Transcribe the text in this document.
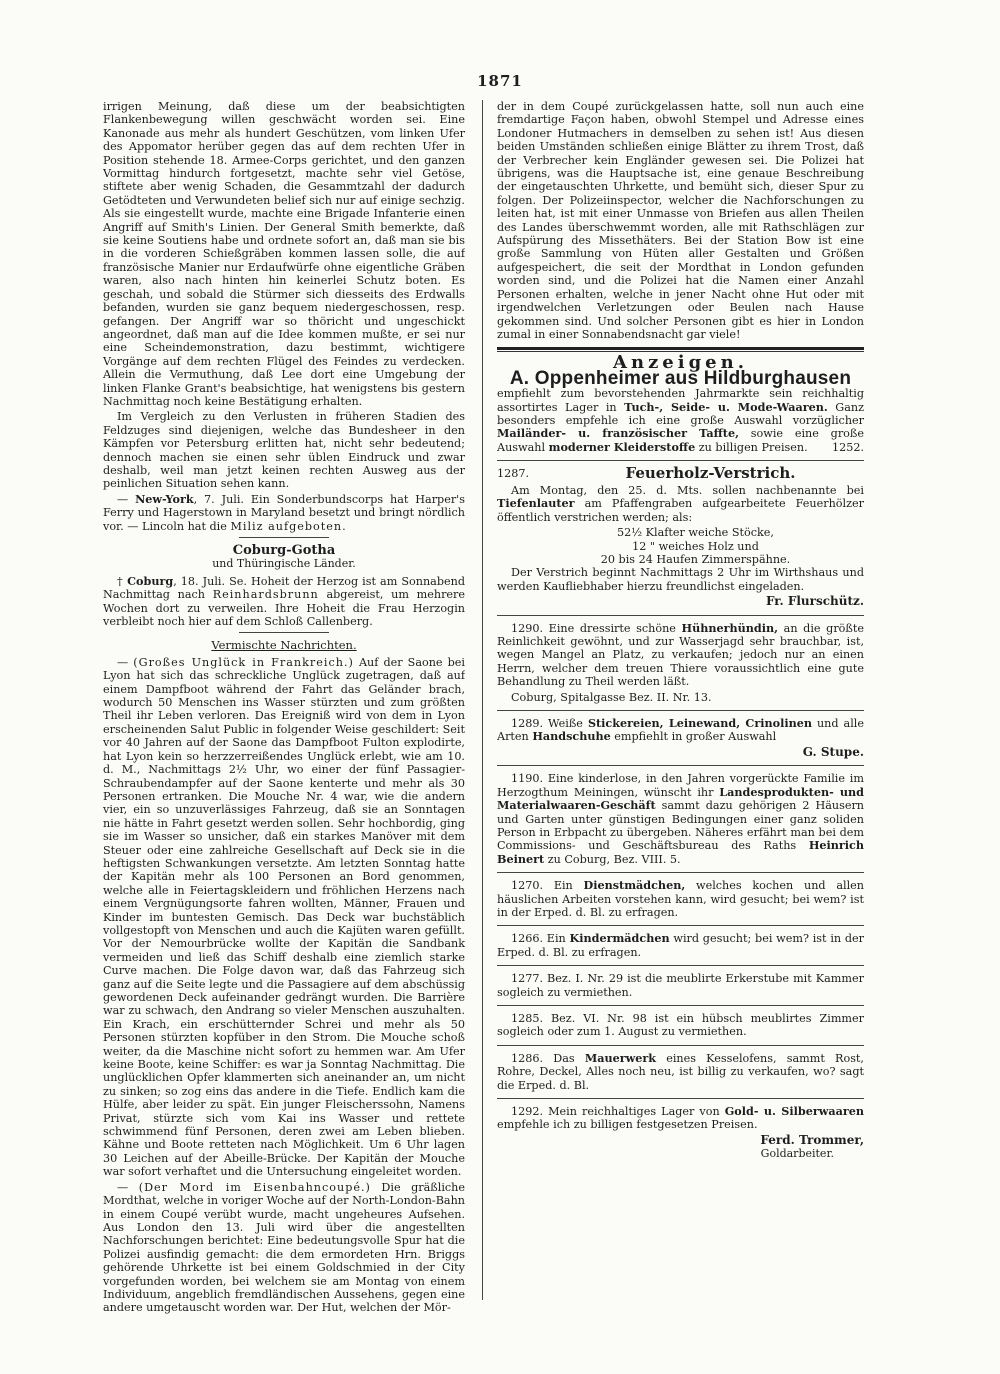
1871

irrigen Meinung, daß diese um der beabsichtigten Flankenbewegung willen geschwächt worden sei. Eine Kanonade aus mehr als hundert Geschützen, vom linken Ufer des Appomator herüber gegen das auf dem rechten Ufer in Position stehende 18. Armee-Corps gerichtet, und den ganzen Vormittag hindurch fortgesetzt, machte sehr viel Getöse, stiftete aber wenig Schaden, die Gesammtzahl der dadurch Getödteten und Verwundeten belief sich nur auf einige sechzig. Als sie eingestellt wurde, machte eine Brigade Infanterie einen Angriff auf Smith's Linien. Der General Smith bemerkte, daß sie keine Soutiens habe und ordnete sofort an, daß man sie bis in die vorderen Schießgräben kommen lassen solle, die auf französische Manier nur Erdaufwürfe ohne eigentliche Gräben waren, also nach hinten hin keinerlei Schutz boten. Es geschah, und sobald die Stürmer sich diesseits des Erdwalls befanden, wurden sie ganz bequem niedergeschossen, resp. gefangen. Der Angriff war so thöricht und ungeschickt angeordnet, daß man auf die Idee kommen mußte, er sei nur eine Scheindemonstration, dazu bestimmt, wichtigere Vorgänge auf dem rechten Flügel des Feindes zu verdecken. Allein die Vermuthung, daß Lee dort eine Umgebung der linken Flanke Grant's beabsichtige, hat wenigstens bis gestern Nachmittag noch keine Bestätigung erhalten.

Im Vergleich zu den Verlusten in früheren Stadien des Feldzuges sind diejenigen, welche das Bundesheer in den Kämpfen vor Petersburg erlitten hat, nicht sehr bedeutend; dennoch machen sie einen sehr üblen Eindruck und zwar deshalb, weil man jetzt keinen rechten Ausweg aus der peinlichen Situation sehen kann.

— New-York, 7. Juli. Ein Sonderbundscorps hat Harper's Ferry und Hagerstown in Maryland besetzt und bringt nördlich vor. — Lincoln hat die Miliz aufgeboten.

Coburg-Gotha
und Thüringische Länder.

† Coburg, 18. Juli. Se. Hoheit der Herzog ist am Sonnabend Nachmittag nach Reinhardsbrunn abgereist, um mehrere Wochen dort zu verweilen. Ihre Hoheit die Frau Herzogin verbleibt noch hier auf dem Schloß Callenberg.

Vermischte Nachrichten.

— (Großes Unglück in Frankreich.) Auf der Saone bei Lyon hat sich das schreckliche Unglück zugetragen, daß auf einem Dampfboot während der Fahrt das Geländer brach, wodurch 50 Menschen ins Wasser stürzten und zum größten Theil ihr Leben verloren. Das Ereigniß wird von dem in Lyon erscheinenden Salut Public in folgender Weise geschildert: Seit vor 40 Jahren auf der Saone das Dampfboot Fulton explodirte, hat Lyon kein so herzzerreißendes Unglück erlebt, wie am 10. d. M., Nachmittags 2½ Uhr, wo einer der fünf Passagier-Schraubendampfer auf der Saone kenterte und mehr als 30 Personen ertranken. Die Mouche Nr. 4 war, wie die andern vier, ein so unzuverlässiges Fahrzeug, daß sie an Sonntagen nie hätte in Fahrt gesetzt werden sollen. Sehr hochbordig, ging sie im Wasser so unsicher, daß ein starkes Manöver mit dem Steuer oder eine zahlreiche Gesellschaft auf Deck sie in die heftigsten Schwankungen versetzte. Am letzten Sonntag hatte der Kapitän mehr als 100 Personen an Bord genommen, welche alle in Feiertagskleidern und fröhlichen Herzens nach einem Vergnügungsorte fahren wollten, Männer, Frauen und Kinder im buntesten Gemisch. Das Deck war buchstäblich vollgestopft von Menschen und auch die Kajüten waren gefüllt. Vor der Nemourbrücke wollte der Kapitän die Sandbank vermeiden und ließ das Schiff deshalb eine ziemlich starke Curve machen. Die Folge davon war, daß das Fahrzeug sich ganz auf die Seite legte und die Passagiere auf dem abschüssig gewordenen Deck aufeinander gedrängt wurden. Die Barrière war zu schwach, den Andrang so vieler Menschen auszuhalten. Ein Krach, ein erschütternder Schrei und mehr als 50 Personen stürzten kopfüber in den Strom. Die Mouche schoß weiter, da die Maschine nicht sofort zu hemmen war. Am Ufer keine Boote, keine Schiffer: es war ja Sonntag Nachmittag. Die unglücklichen Opfer klammerten sich aneinander an, um nicht zu sinken; so zog eins das andere in die Tiefe. Endlich kam die Hülfe, aber leider zu spät. Ein junger Fleischerssohn, Namens Privat, stürzte sich vom Kai ins Wasser und rettete schwimmend fünf Personen, deren zwei am Leben blieben. Kähne und Boote retteten nach Möglichkeit. Um 6 Uhr lagen 30 Leichen auf der Abeille-Brücke. Der Kapitän der Mouche war sofort verhaftet und die Untersuchung eingeleitet worden.

— (Der Mord im Eisenbahncoupé.) Die gräßliche Mordthat, welche in voriger Woche auf der North-London-Bahn in einem Coupé verübt wurde, macht ungeheures Aufsehen. Aus London den 13. Juli wird über die angestellten Nachforschungen berichtet: Eine bedeutungsvolle Spur hat die Polizei ausfindig gemacht: die dem ermordeten Hrn. Briggs gehörende Uhrkette ist bei einem Goldschmied in der City vorgefunden worden, bei welchem sie am Montag von einem Individuum, angeblich fremdländischen Aussehens, gegen eine andere umgetauscht worden war. Der Hut, welchen der Mör-

der in dem Coupé zurückgelassen hatte, soll nun auch eine fremdartige Façon haben, obwohl Stempel und Adresse eines Londoner Hutmachers in demselben zu sehen ist! Aus diesen beiden Umständen schließen einige Blätter zu ihrem Trost, daß der Verbrecher kein Engländer gewesen sei. Die Polizei hat übrigens, was die Hauptsache ist, eine genaue Beschreibung der eingetauschten Uhrkette, und bemüht sich, dieser Spur zu folgen. Der Polizeiinspector, welcher die Nachforschungen zu leiten hat, ist mit einer Unmasse von Briefen aus allen Theilen des Landes überschwemmt worden, alle mit Rathschlägen zur Aufspürung des Missethäters. Bei der Station Bow ist eine große Sammlung von Hüten aller Gestalten und Größen aufgespeichert, die seit der Mordthat in London gefunden worden sind, und die Polizei hat die Namen einer Anzahl Personen erhalten, welche in jener Nacht ohne Hut oder mit irgendwelchen Verletzungen oder Beulen nach Hause gekommen sind. Und solcher Personen gibt es hier in London zumal in einer Sonnabendsnacht gar viele!

Anzeigen.
A. Oppenheimer aus Hildburghausen

empfiehlt zum bevorstehenden Jahrmarkte sein reichhaltig assortirtes Lager in Tuch-, Seide- u. Mode-Waaren. Ganz besonders empfehle ich eine große Auswahl vorzüglicher Mailänder- u. französischer Taffte, sowie eine große Auswahl moderner Kleiderstoffe zu billigen Preisen. 1252.

1287.	Feuerholz-Verstrich.

Am Montag, den 25. d. Mts. sollen nachbenannte bei Tiefenlauter am Pfaffengraben aufgearbeitete Feuerhölzer öffentlich verstrichen werden; als:

52½ Klafter weiche Stöcke,
12 " weiches Holz und
20 bis 24 Haufen Zimmerspähne.

Der Verstrich beginnt Nachmittags 2 Uhr im Wirthshaus und werden Kaufliebhaber hierzu freundlichst eingeladen.

Fr. Flurschütz.

1290. Eine dressirte schöne Hühnerhündin, an die größte Reinlichkeit gewöhnt, und zur Wasserjagd sehr brauchbar, ist, wegen Mangel an Platz, zu verkaufen; jedoch nur an einen Herrn, welcher dem treuen Thiere voraussichtlich eine gute Behandlung zu Theil werden läßt.

Coburg, Spitalgasse Bez. II. Nr. 13.

1289. Weiße Stickereien, Leinewand, Crinolinen und alle Arten Handschuhe empfiehlt in großer Auswahl

G. Stupe.

1190. Eine kinderlose, in den Jahren vorgerückte Familie im Herzogthum Meiningen, wünscht ihr Landesprodukten- und Materialwaaren-Geschäft sammt dazu gehörigen 2 Häusern und Garten unter günstigen Bedingungen einer ganz soliden Person in Erbpacht zu übergeben. Näheres erfährt man bei dem Commissions- und Geschäftsbureau des Raths Heinrich Beinert zu Coburg, Bez. VIII. 5.

1270. Ein Dienstmädchen, welches kochen und allen häuslichen Arbeiten vorstehen kann, wird gesucht; bei wem? ist in der Erped. d. Bl. zu erfragen.

1266. Ein Kindermädchen wird gesucht; bei wem? ist in der Erped. d. Bl. zu erfragen.

1277. Bez. I. Nr. 29 ist die meublirte Erkerstube mit Kammer sogleich zu vermiethen.

1285. Bez. VI. Nr. 98 ist ein hübsch meublirtes Zimmer sogleich oder zum 1. August zu vermiethen.

1286. Das Mauerwerk eines Kesselofens, sammt Rost, Rohre, Deckel, Alles noch neu, ist billig zu verkaufen, wo? sagt die Erped. d. Bl.

1292. Mein reichhaltiges Lager von Gold- u. Silberwaaren empfehle ich zu billigen festgesetzen Preisen.

Ferd. Trommer,
Goldarbeiter.
